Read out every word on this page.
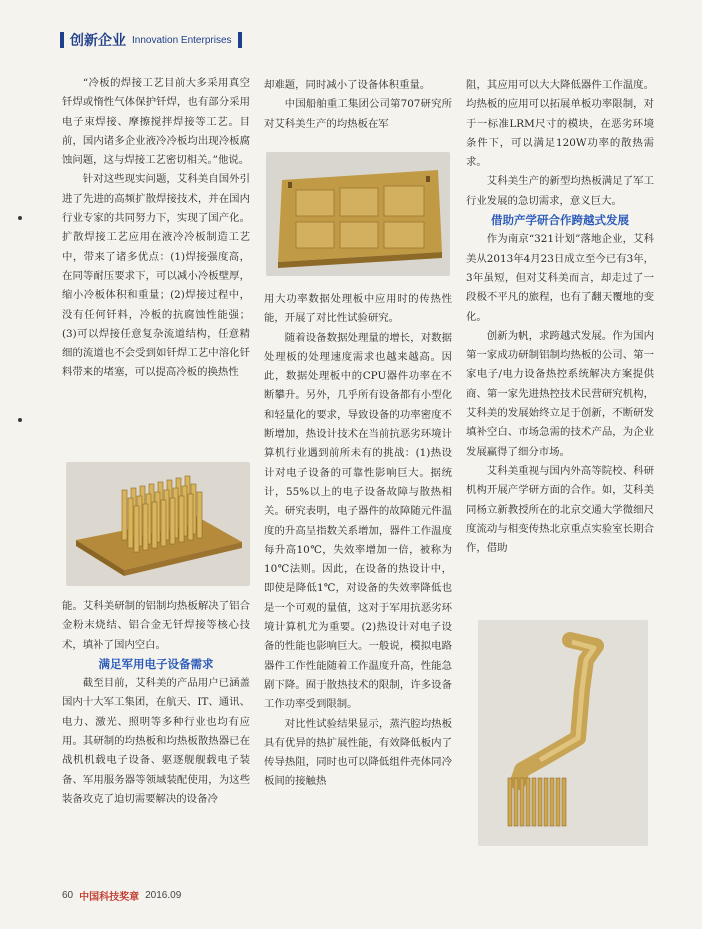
创新企业 Innovation Enterprises

“冷板的焊接工艺目前大多采用真空钎焊或惰性气体保护钎焊，也有部分采用电子束焊接、摩擦搅拌焊接等工艺。目前，国内诸多企业液冷冷板均出现冷板腐蚀问题，这与焊接工艺密切相关。”他说。

针对这些现实问题，艾科美自国外引进了先进的高频扩散焊接技术，并在国内行业专家的共同努力下，实现了国产化。扩散焊接工艺应用在液冷冷板制造工艺中，带来了诸多优点：(1)焊接强度高，在同等耐压要求下，可以减小冷板壁厚，缩小冷板体积和重量；(2)焊接过程中，没有任何钎料，冷板的抗腐蚀性能强；(3)可以焊接任意复杂流道结构，任意精细的流道也不会受到如钎焊工艺中溶化钎料带来的堵塞，可以提高冷板的换热性

能。艾科美研制的铝制均热板解决了铝合金粉末烧结、铝合金无钎焊接等核心技术，填补了国内空白。

满足军用电子设备需求

截至目前，艾科美的产品用户已涵盖国内十大军工集团，在航天、IT、通讯、电力、激光、照明等多种行业也均有应用。其研制的均热板和均热板散热器已在战机机载电子设备、驱逐舰舰载电子装备、军用服务器等领域装配使用，为这些装备攻克了迫切需要解决的设备冷

却难题，同时减小了设备体积重量。

中国船舶重工集团公司第707研究所对艾科美生产的均热板在军

用大功率数据处理板中应用时的传热性能，开展了对比性试验研究。

随着设备数据处理量的增长，对数据处理板的处理速度需求也越来越高。因此，数据处理板中的CPU器件功率在不断攀升。另外，几乎所有设备都有小型化和轻量化的要求，导致设备的功率密度不断增加，热设计技术在当前抗恶劣环境计算机行业遇到前所未有的挑战：(1)热设计对电子设备的可靠性影响巨大。据统计，55%以上的电子设备故障与散热相关。研究表明，电子器件的故障随元件温度的升高呈指数关系增加，器件工作温度每升高10℃，失效率增加一倍，被称为10℃法则。因此，在设备的热设计中，即使是降低1℃，对设备的失效率降低也是一个可观的量值，这对于军用抗恶劣环境计算机尤为重要。(2)热设计对电子设备的性能也影响巨大。一般说，模拟电路器件工作性能随着工作温度升高，性能急剧下降。囿于散热技术的限制，许多设备工作功率受到限制。

对比性试验结果显示，蒸汽腔均热板具有优异的热扩展性能，有效降低板内了传导热阻，同时也可以降低组件壳体同冷板间的接触热

阻，其应用可以大大降低器件工作温度。均热板的应用可以拓展单板功率限制，对于一标准LRM尺寸的模块，在恶劣环境条件下，可以满足120W功率的散热需求。

艾科美生产的新型均热板满足了军工行业发展的急切需求，意义巨大。

借助产学研合作跨越式发展

作为南京“321计划”落地企业，艾科美从2013年4月23日成立至今已有3年，3年虽短，但对艾科美而言，却走过了一段极不平凡的旅程，也有了翻天覆地的变化。

创新为帆，求跨越式发展。作为国内第一家成功研制铝制均热板的公司、第一家电子/电力设备热控系统解决方案提供商、第一家先进热控技术民营研究机构，艾科美的发展始终立足于创新，不断研发填补空白、市场急需的技术产品，为企业发展赢得了细分市场。

艾科美重视与国内外高等院校、科研机构开展产学研方面的合作。如，艾科美同杨立新教授所在的北京交通大学微细尺度流动与相变传热北京重点实验室长期合作，借助

60 中国科技奖章 2016.09
